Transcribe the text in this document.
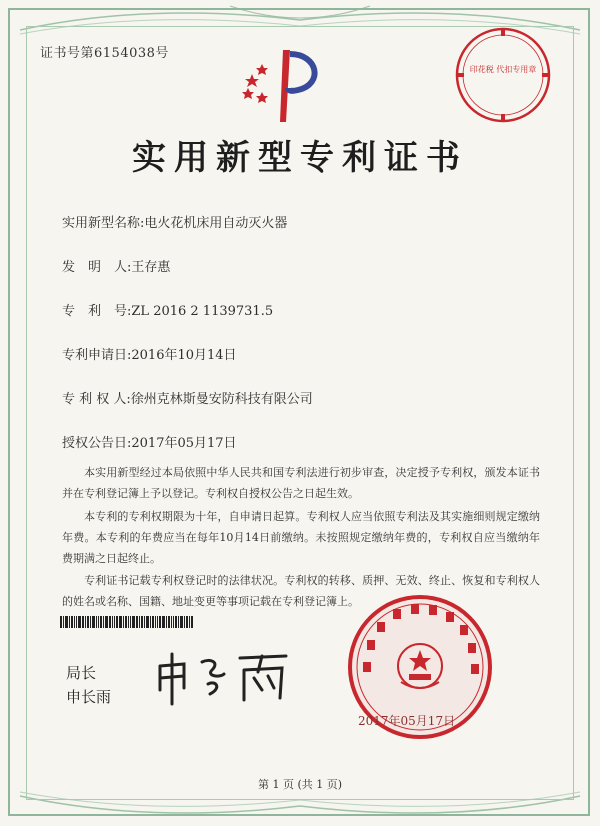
证书号第6154038号
印花税 代扣专用章
实用新型专利证书
实用新型名称:电火花机床用自动灭火器
发　明　人:王存惠
专　利　号:ZL 2016 2 1139731.5
专利申请日:2016年10月14日
专 利 权 人:徐州克林斯曼安防科技有限公司
授权公告日:2017年05月17日
本实用新型经过本局依照中华人民共和国专利法进行初步审查，决定授予专利权，颁发本证书并在专利登记簿上予以登记。专利权自授权公告之日起生效。
本专利的专利权期限为十年，自申请日起算。专利权人应当依照专利法及其实施细则规定缴纳年费。本专利的年费应当在每年10月14日前缴纳。未按照规定缴纳年费的，专利权自应当缴纳年费期满之日起终止。
专利证书记载专利权登记时的法律状况。专利权的转移、质押、无效、终止、恢复和专利权人的姓名或名称、国籍、地址变更等事项记载在专利登记簿上。
局长
申长雨
2017年05月17日
第 1 页 (共 1 页)
